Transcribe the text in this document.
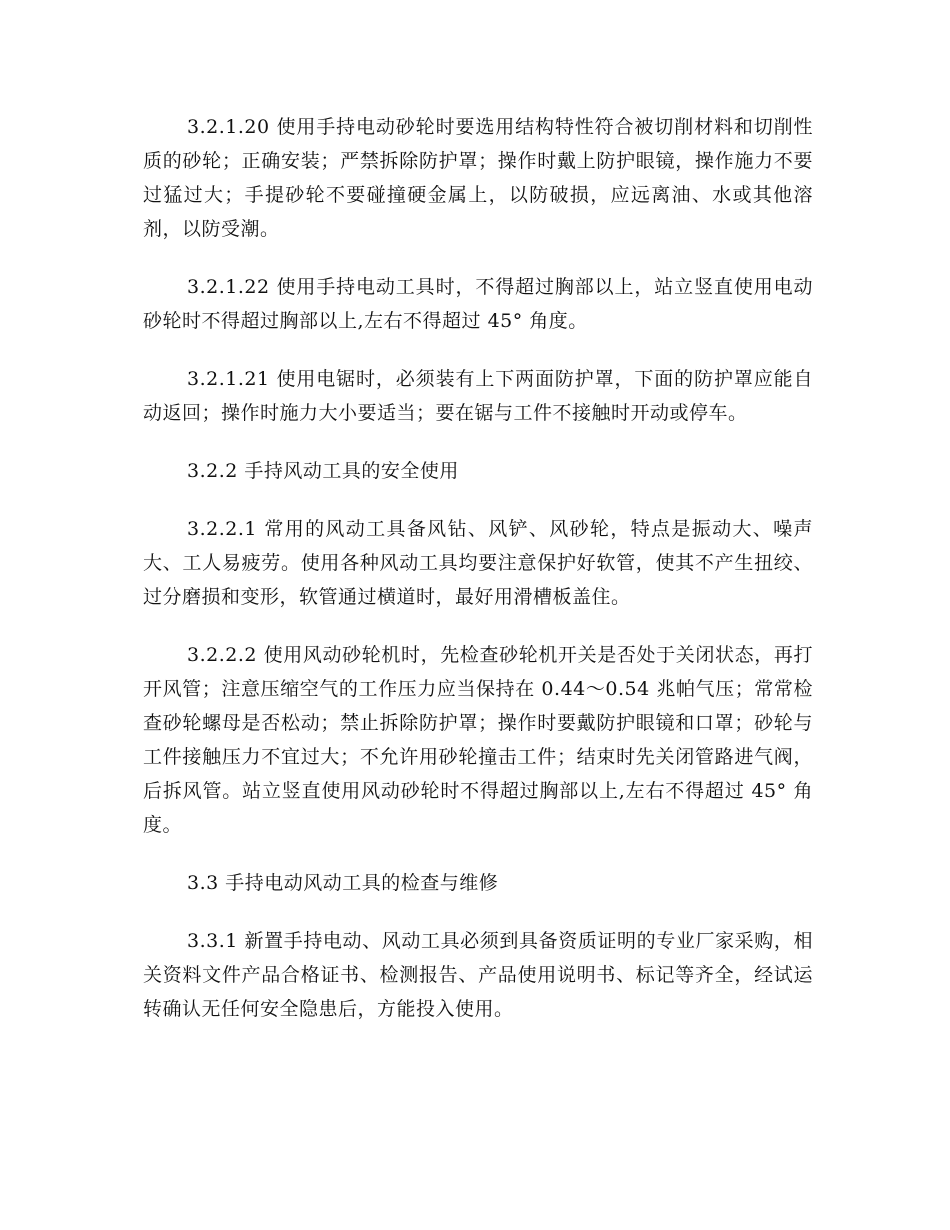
3.2.1.20 使用手持电动砂轮时要选用结构特性符合被切削材料和切削性质的砂轮；正确安装；严禁拆除防护罩；操作时戴上防护眼镜，操作施力不要过猛过大；手提砂轮不要碰撞硬金属上，以防破损，应远离油、水或其他溶剂，以防受潮。

3.2.1.22 使用手持电动工具时，不得超过胸部以上，站立竖直使用电动砂轮时不得超过胸部以上,左右不得超过 45° 角度。

3.2.1.21 使用电锯时，必须装有上下两面防护罩，下面的防护罩应能自动返回；操作时施力大小要适当；要在锯与工件不接触时开动或停车。

3.2.2 手持风动工具的安全使用

3.2.2.1 常用的风动工具备风钻、风铲、风砂轮，特点是振动大、噪声大、工人易疲劳。使用各种风动工具均要注意保护好软管，使其不产生扭绞、过分磨损和变形，软管通过横道时，最好用滑槽板盖住。

3.2.2.2 使用风动砂轮机时，先检查砂轮机开关是否处于关闭状态，再打开风管；注意压缩空气的工作压力应当保持在 0.44～0.54 兆帕气压；常常检查砂轮螺母是否松动；禁止拆除防护罩；操作时要戴防护眼镜和口罩；砂轮与工件接触压力不宜过大；不允许用砂轮撞击工件；结束时先关闭管路进气阀，后拆风管。站立竖直使用风动砂轮时不得超过胸部以上,左右不得超过 45° 角度。

3.3 手持电动风动工具的检查与维修

3.3.1 新置手持电动、风动工具必须到具备资质证明的专业厂家采购，相关资料文件产品合格证书、检测报告、产品使用说明书、标记等齐全，经试运转确认无任何安全隐患后，方能投入使用。
